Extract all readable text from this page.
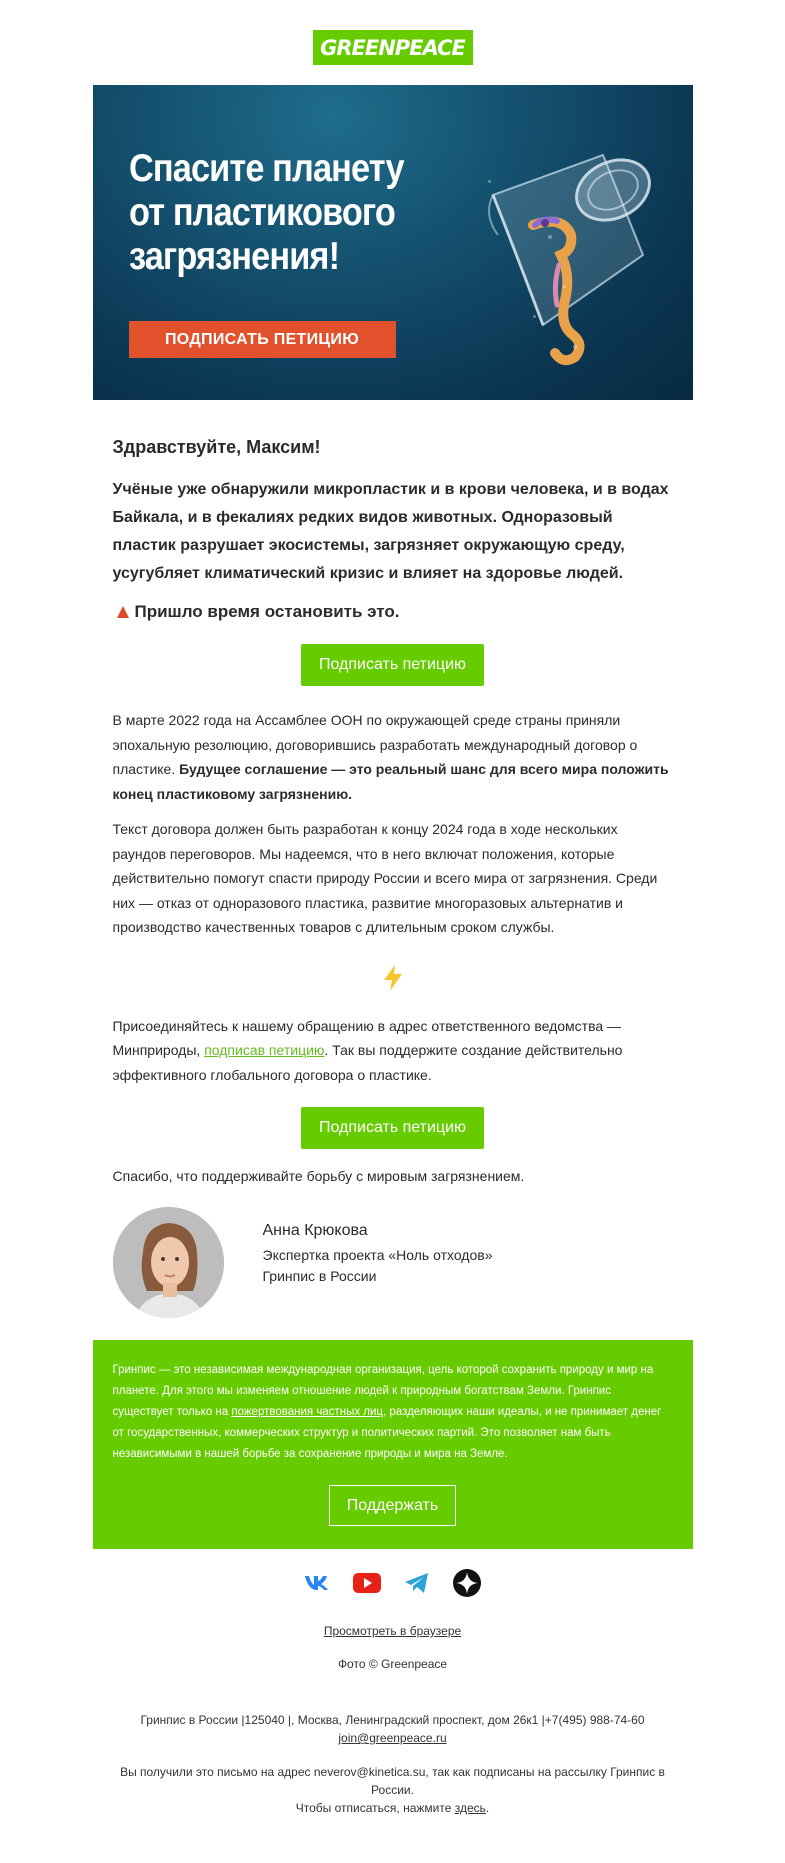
GREENPEACE
Спасите планету
от пластикового
загрязнения!
ПОДПИСАТЬ ПЕТИЦИЮ

Здравствуйте, Максим!

Учёные уже обнаружили микропластик и в крови человека, и в водах Байкала, и в фекалиях редких видов животных. Одноразовый пластик разрушает экосистемы, загрязняет окружающую среду, усугубляет климатический кризис и влияет на здоровье людей.

Пришло время остановить это.
Подписать петицию

В марте 2022 года на Ассамблее ООН по окружающей среде страны приняли эпохальную резолюцию, договорившись разработать международный договор о пластике. Будущее соглашение — это реальный шанс для всего мира положить конец пластиковому загрязнению.

Текст договора должен быть разработан к концу 2024 года в ходе нескольких раундов переговоров. Мы надеемся, что в него включат положения, которые действительно помогут спасти природу России и всего мира от загрязнения. Среди них — отказ от одноразового пластика, развитие многоразовых альтернатив и производство качественных товаров с длительным сроком службы.

Присоединяйтесь к нашему обращению в адрес ответственного ведомства — Минприроды, подписав петицию. Так вы поддержите создание действительно эффективного глобального договора о пластике.

Подписать петицию

Спасибо, что поддерживайте борьбу с мировым загрязнением.

Анна Крюкова
Экспертка проекта «Ноль отходов»
Гринпис в России

Гринпис — это независимая международная организация, цель которой сохранить природу и мир на планете. Для этого мы изменяем отношение людей к природным богатствам Земли. Гринпис существует только на пожертвования частных лиц, разделяющих наши идеалы, и не принимает денег от государственных, коммерческих структур и политических партий. Это позволяет нам быть независимыми в нашей борьбе за сохранение природы и мира на Земле.

Поддержать
Просмотреть в браузере
Фото © Greenpeace
Гринпис в России |125040 |, Москва, Ленинградский проспект, дом 26к1 |+7(495) 988-74-60
join@greenpeace.ru
Вы получили это письмо на адрес neverov@kinetica.su, так как подписаны на рассылку Гринпис в России.
Чтобы отписаться, нажмите здесь.
